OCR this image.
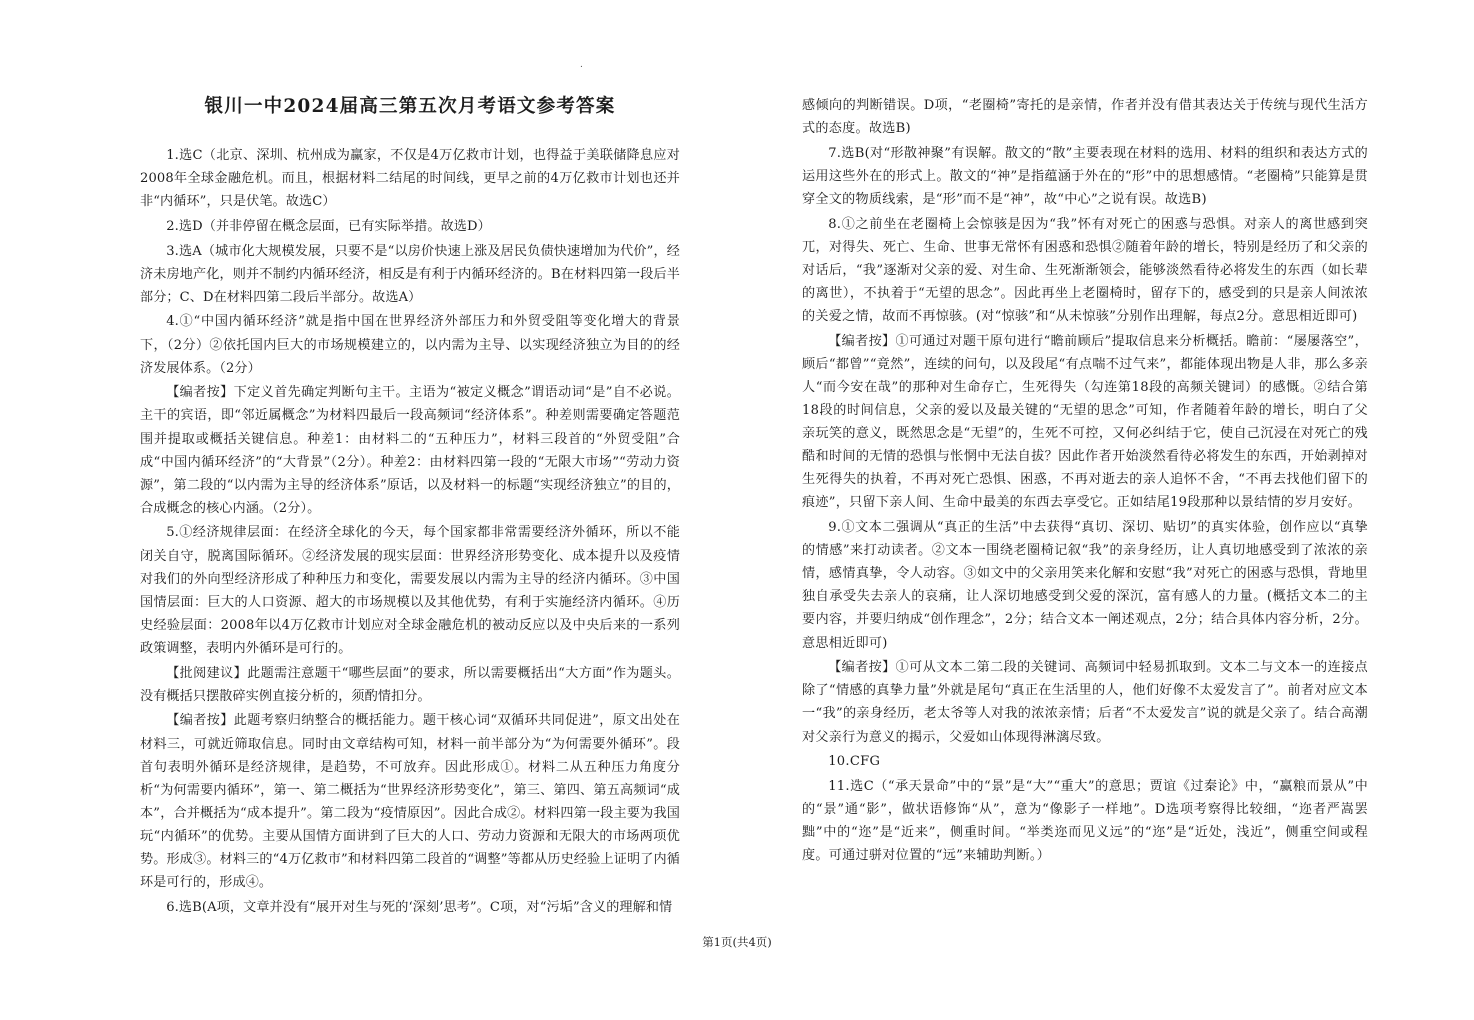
.
银川一中2024届高三第五次月考语文参考答案

1.选C（北京、深圳、杭州成为赢家，不仅是4万亿救市计划，也得益于美联储降息应对2008年全球金融危机。而且，根据材料二结尾的时间线，更早之前的4万亿救市计划也还并非“内循环”，只是伏笔。故选C）

2.选D（并非停留在概念层面，已有实际举措。故选D）

3.选A（城市化大规模发展，只要不是“以房价快速上涨及居民负债快速增加为代价”，经济未房地产化，则并不制约内循环经济，相反是有利于内循环经济的。B在材料四第一段后半部分；C、D在材料四第二段后半部分。故选A）

4.①“中国内循环经济”就是指中国在世界经济外部压力和外贸受阻等变化增大的背景下，（2分）②依托国内巨大的市场规模建立的，以内需为主导、以实现经济独立为目的的经济发展体系。（2分）

【编者按】下定义首先确定判断句主干。主语为“被定义概念”谓语动词“是”自不必说。主干的宾语，即“邻近属概念”为材料四最后一段高频词“经济体系”。种差则需要确定答题范围并提取或概括关键信息。种差1：由材料二的“五种压力”，材料三段首的“外贸受阻”合成“中国内循环经济”的“大背景”（2分）。种差2：由材料四第一段的“无限大市场”“劳动力资源”，第二段的“以内需为主导的经济体系”原话，以及材料一的标题“实现经济独立”的目的，合成概念的核心内涵。（2分）。

5.①经济规律层面：在经济全球化的今天，每个国家都非常需要经济外循环，所以不能闭关自守，脱离国际循环。②经济发展的现实层面：世界经济形势变化、成本提升以及疫情对我们的外向型经济形成了种种压力和变化，需要发展以内需为主导的经济内循环。③中国国情层面：巨大的人口资源、超大的市场规模以及其他优势，有利于实施经济内循环。④历史经验层面：2008年以4万亿救市计划应对全球金融危机的被动反应以及中央后来的一系列政策调整，表明内外循环是可行的。

【批阅建议】此题需注意题干“哪些层面”的要求，所以需要概括出“大方面”作为题头。没有概括只摆散碎实例直接分析的，须酌情扣分。

【编者按】此题考察归纳整合的概括能力。题干核心词“双循环共同促进”，原文出处在材料三，可就近筛取信息。同时由文章结构可知，材料一前半部分为“为何需要外循环”。段首句表明外循环是经济规律，是趋势，不可放弃。因此形成①。材料二从五种压力角度分析“为何需要内循环”，第一、第二概括为“世界经济形势变化”，第三、第四、第五高频词“成本”，合并概括为“成本提升”。第二段为“疫情原因”。因此合成②。材料四第一段主要为我国玩“内循环”的优势。主要从国情方面讲到了巨大的人口、劳动力资源和无限大的市场两项优势。形成③。材料三的“4万亿救市”和材料四第二段首的“调整”等都从历史经验上证明了内循环是可行的，形成④。

6.选B(A项，文章并没有“展开对生与死的‘深刻’思考”。C项，对“污垢”含义的理解和情

感倾向的判断错误。D项，“老圈椅”寄托的是亲情，作者并没有借其表达关于传统与现代生活方式的态度。故选B)

7.选B(对“形散神聚”有误解。散文的“散”主要表现在材料的选用、材料的组织和表达方式的运用这些外在的形式上。散文的“神”是指蕴涵于外在的“形”中的思想感情。“老圈椅”只能算是贯穿全文的物质线索，是“形”而不是“神”，故“中心”之说有误。故选B)

8.①之前坐在老圈椅上会惊骇是因为“我”怀有对死亡的困惑与恐惧。对亲人的离世感到突兀，对得失、死亡、生命、世事无常怀有困惑和恐惧②随着年龄的增长，特别是经历了和父亲的对话后，“我”逐渐对父亲的爱、对生命、生死渐渐领会，能够淡然看待必将发生的东西（如长辈的离世），不执着于“无望的思念”。因此再坐上老圈椅时，留存下的，感受到的只是亲人间浓浓的关爱之情，故而不再惊骇。(对“惊骇”和“从未惊骇”分别作出理解，每点2分。意思相近即可)

【编者按】①可通过对题干原句进行“瞻前顾后”提取信息来分析概括。瞻前：“屡屡落空”，顾后“都曾”“竟然”，连续的问句，以及段尾“有点喘不过气来”，都能体现出物是人非，那么多亲人“而今安在哉”的那种对生命存亡，生死得失（勾连第18段的高频关键词）的感慨。②结合第18段的时间信息，父亲的爱以及最关键的“无望的思念”可知，作者随着年龄的增长，明白了父亲玩笑的意义，既然思念是“无望”的，生死不可控，又何必纠结于它，使自己沉浸在对死亡的残酷和时间的无情的恐惧与怅惘中无法自拔？因此作者开始淡然看待必将发生的东西，开始剥掉对生死得失的执着，不再对死亡恐惧、困惑，不再对逝去的亲人追怀不舍，“不再去找他们留下的痕迹”，只留下亲人间、生命中最美的东西去享受它。正如结尾19段那种以景结情的岁月安好。

9.①文本二强调从“真正的生活”中去获得“真切、深切、贴切”的真实体验，创作应以“真挚的情感”来打动读者。②文本一围绕老圈椅记叙“我”的亲身经历，让人真切地感受到了浓浓的亲情，感情真挚，令人动容。③如文中的父亲用笑来化解和安慰“我”对死亡的困惑与恐惧，背地里独自承受失去亲人的哀痛，让人深切地感受到父爱的深沉，富有感人的力量。(概括文本二的主要内容，并要归纳成“创作理念”，2分；结合文本一阐述观点，2分；结合具体内容分析，2分。意思相近即可)

【编者按】①可从文本二第二段的关键词、高频词中轻易抓取到。文本二与文本一的连接点除了“情感的真挚力量”外就是尾句“真正在生活里的人，他们好像不太爱发言了”。前者对应文本一“我”的亲身经历，老太爷等人对我的浓浓亲情；后者“不太爱发言”说的就是父亲了。结合高潮对父亲行为意义的揭示，父爱如山体现得淋漓尽致。

10.CFG

11.选C（“承天景命”中的“景”是“大”“重大”的意思；贾谊《过秦论》中，“赢粮而景从”中的“景”通“影”，做状语修饰“从”，意为“像影子一样地”。D选项考察得比较细，“迩者严嵩罢黜”中的“迩”是“近来”，侧重时间。“举类迩而见义远”的“迩”是“近处，浅近”，侧重空间或程度。可通过骈对位置的“远”来辅助判断。）

第1页(共4页)
